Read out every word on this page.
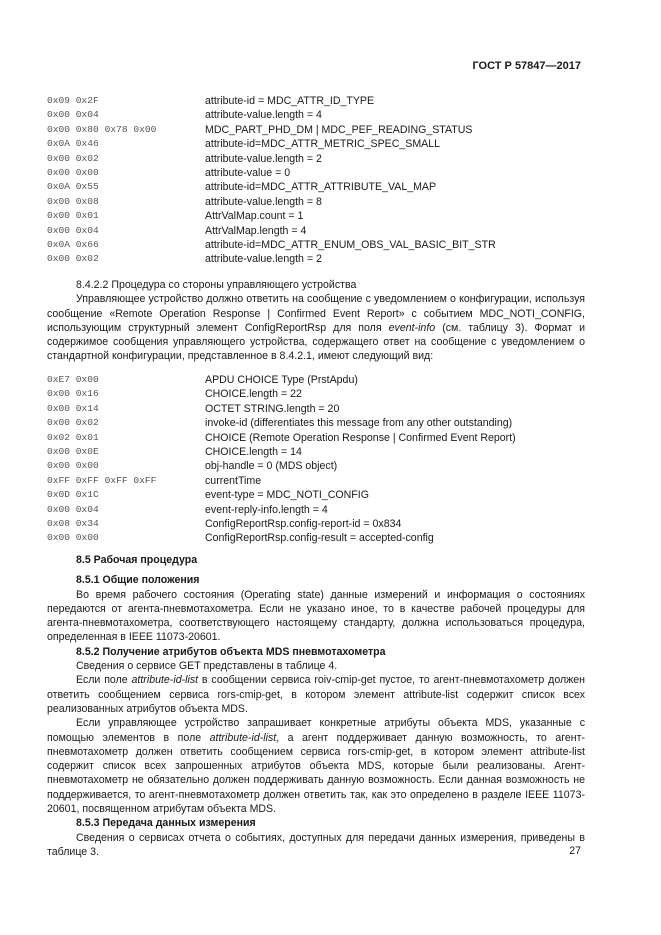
ГОСТ Р 57847—2017
0x09 0x2F	attribute-id = MDC_ATTR_ID_TYPE
0x00 0x04	attribute-value.length = 4
0x00 0x80 0x78 0x00	MDC_PART_PHD_DM | MDC_PEF_READING_STATUS
0x0A 0x46	attribute-id=MDC_ATTR_METRIC_SPEC_SMALL
0x00 0x02	attribute-value.length = 2
0x00 0x00	attribute-value = 0
0x0A 0x55	attribute-id=MDC_ATTR_ATTRIBUTE_VAL_MAP
0x00 0x08	attribute-value.length = 8
0x00 0x01	AttrValMap.count = 1
0x00 0x04	AttrValMap.length = 4
0x0A 0x66	attribute-id=MDC_ATTR_ENUM_OBS_VAL_BASIC_BIT_STR
0x00 0x02	attribute-value.length = 2

8.4.2.2 Процедура со стороны управляющего устройства

Управляющее устройство должно ответить на сообщение с уведомлением о конфигурации, используя сообщение «Remote Operation Response | Confirmed Event Report» с событием MDC_NOTI_CONFIG, использующим структурный элемент ConfigReportRsp для поля event-info (см. таблицу 3). Формат и содержимое сообщения управляющего устройства, содержащего ответ на сообщение с уведомлением о стандартной конфигурации, представленное в 8.4.2.1, имеют следующий вид:

0xE7 0x00	APDU CHOICE Type (PrstApdu)
0x00 0x16	CHOICE.length = 22
0x00 0x14	OCTET STRING.length = 20
0x00 0x02	invoke-id (differentiates this message from any other outstanding)
0x02 0x01	CHOICE (Remote Operation Response | Confirmed Event Report)
0x00 0x0E	CHOICE.length = 14
0x00 0x00	obj-handle = 0 (MDS object)
0xFF 0xFF 0xFF 0xFF	currentTime
0x0D 0x1C	event-type = MDC_NOTI_CONFIG
0x00 0x04	event-reply-info.length = 4
0x08 0x34	ConfigReportRsp.config-report-id = 0x834
0x00 0x00	ConfigReportRsp.config-result = accepted-config

8.5 Рабочая процедура

8.5.1 Общие положения

Во время рабочего состояния (Operating state) данные измерений и информация о состояниях передаются от агента-пневмотахометра. Если не указано иное, то в качестве рабочей процедуры для агента-пневмотахометра, соответствующего настоящему стандарту, должна использоваться процедура, определенная в IEEE 11073-20601.

8.5.2 Получение атрибутов объекта MDS пневмотахометра

Сведения о сервисе GET представлены в таблице 4.

Если поле attribute-id-list в сообщении сервиса roiv-cmip-get пустое, то агент-пневмотахометр должен ответить сообщением сервиса rors-cmip-get, в котором элемент attribute-list содержит список всех реализованных атрибутов объекта MDS.

Если управляющее устройство запрашивает конкретные атрибуты объекта MDS, указанные с помощью элементов в поле attribute-id-list, а агент поддерживает данную возможность, то агент-пневмотахометр должен ответить сообщением сервиса rors-cmip-get, в котором элемент attribute-list содержит список всех запрошенных атрибутов объекта MDS, которые были реализованы. Агент-пневмотахометр не обязательно должен поддерживать данную возможность. Если данная возможность не поддерживается, то агент-пневмотахометр должен ответить так, как это определено в разделе IEEE 11073-20601, посвященном атрибутам объекта MDS.

8.5.3 Передача данных измерения

Сведения о сервисах отчета о событиях, доступных для передачи данных измерения, приведены в таблице 3.	27
